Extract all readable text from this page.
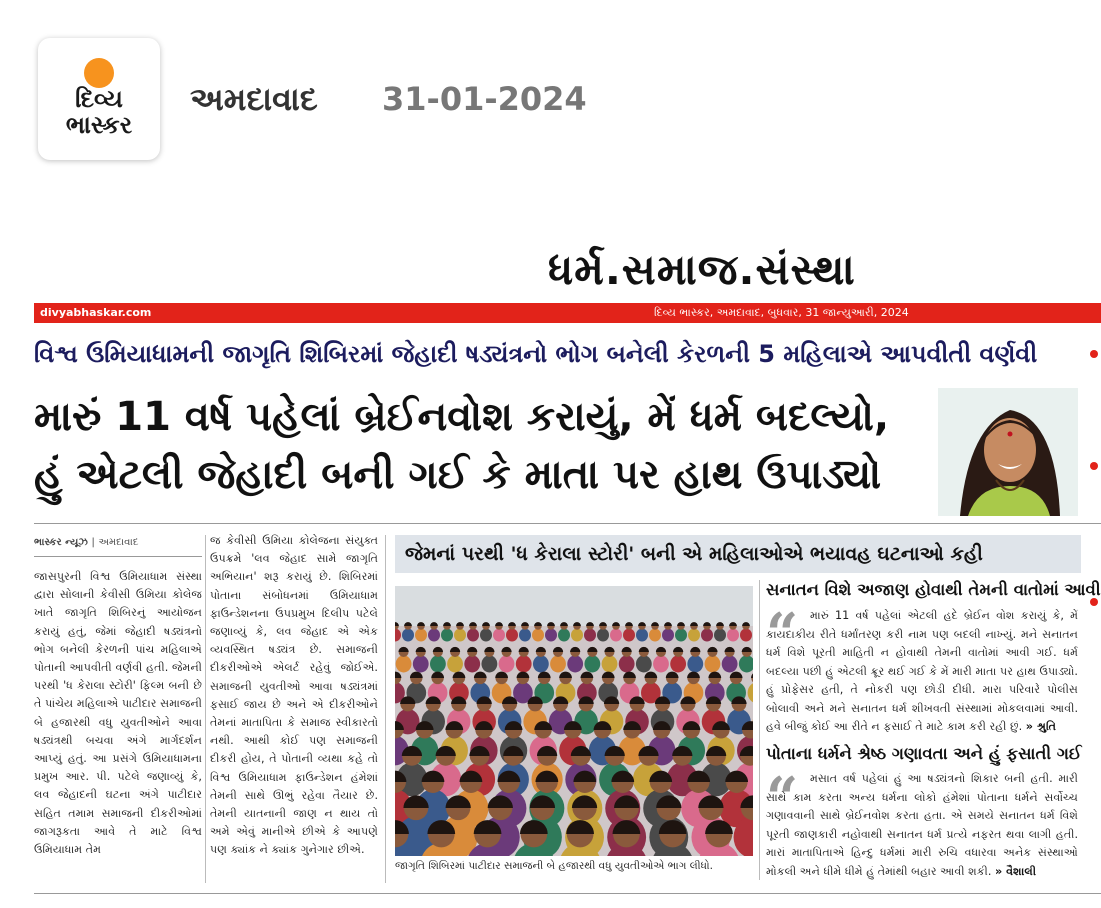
દિવ્ય
ભાસ્કર
અમદાવાદ 31-01-2024
ધર્મ.સમાજ.સંસ્થા
divyabhaskar.com	દિવ્ય ભાસ્કર, અમદાવાદ, બુધવાર, 31 જાન્યુઆરી, 2024
વિશ્વ ઉમિયાધામની જાગૃતિ શિબિરમાં જેહાદી ષડ્યંત્રનો ભોગ બનેલી કેરળની 5 મહિલાએ આપવીતી વર્ણવી
મારું 11 વર્ષ પહેલાં બ્રેઈનવોશ કરાયું, મેં ધર્મ બદલ્યો,
હું એટલી જેહાદી બની ગઈ કે માતા પર હાથ ઉપાડ્યો
ભાસ્કર ન્યૂઝ | અમદાવાદ

જાસપુરની વિશ્વ ઉમિયાધામ સંસ્થા દ્વારા સોલાની કેવીસી ઉમિયા કોલેજ ખાતે જાગૃતિ શિબિરનું આયોજન કરાયું હતું, જેમાં જેહાદી ષડ્યંત્રનો ભોગ બનેલી કેરળની પાંચ મહિલાએ પોતાની આપવીતી વર્ણવી હતી. જેમની પરથી 'ધ કેરાલા સ્ટોરી' ફિલ્મ બની છે તે પાંચેય મહિલાએ પાટીદાર સમાજની બે હજારથી વધુ યુવતીઓને આવા ષડ્યંત્રથી બચવા અંગે માર્ગદર્શન આપ્યું હતું. આ પ્રસંગે ઉમિયાધામના પ્રમુખ આર. પી. પટેલે જણાવ્યું કે, લવ જેહાદની ઘટના અંગે પાટીદાર સહિત તમામ સમાજની દીકરીઓમાં જાગરૂકતા આવે તે માટે વિશ્વ ઉમિયાધામ તેમ

જ કેવીસી ઉમિયા કોલેજના સંયુક્ત ઉપક્રમે 'લવ જેહાદ સામે જાગૃતિ અભિયાન' શરૂ કરાયું છે. શિબિરમાં પોતાના સંબોધનમાં ઉમિયાધામ ફાઉન્ડેશનના ઉપપ્રમુખ દિલીપ પટેલે જણાવ્યું કે, લવ જેહાદ એ એક વ્યવસ્થિત ષડ્યંત્ર છે. સમાજની દીકરીઓએ એલર્ટ રહેવું જોઈએ. સમાજની યુવતીઓ આવા ષડ્યંત્રમાં ફસાઈ જાય છે અને એ દીકરીઓને તેમનાં માતાપિતા કે સમાજ સ્વીકારતો નથી. આથી કોઈ પણ સમાજની દીકરી હોય, તે પોતાની વ્યથા કહે તો વિશ્વ ઉમિયાધામ ફાઉન્ડેશન હંમેશાં તેમની સાથે ઊભું રહેવા તૈયાર છે. તેમની યાતનાની જાણ ન થાય તો અમે એવું માનીએ છીએ કે આપણે પણ ક્યાંક ને ક્યાંક ગુનેગાર છીએ.

જેમનાં પરથી 'ધ કેરાલા સ્ટોરી' બની એ મહિલાઓએ ભયાવહ ઘટનાઓ કહી
જાગૃતિ શિબિરમાં પાટીદાર સમાજની બે હજારથી વધુ યુવતીઓએ ભાગ લીધો.
સનાતન વિશે અજાણ હોવાથી તેમની વાતોમાં આવી
“	મારું 11 વર્ષ પહેલાં એટલી હદે બ્રેઈન વોશ કરાયું કે, મેં કાયદાકીય રીતે ધર્માંતરણ કરી નામ પણ બદલી નાખ્યું. મને સનાતન ધર્મ વિશે પૂરતી માહિતી ન હોવાથી તેમની વાતોમાં આવી ગઈ. ધર્મ બદલ્યા પછી હું એટલી ક્રૂર થઈ ગઈ કે મેં મારી માતા પર હાથ ઉપાડ્યો. હું પ્રોફેસર હતી, તે નોકરી પણ છોડી દીધી. મારા પરિવારે પોલીસ બોલાવી અને મને સનાતન ધર્મ શીખવતી સંસ્થામાં મોકલવામાં આવી. હવે બીજું કોઈ આ રીતે ન ફસાઈ તે માટે કામ કરી રહી છું. » શ્રુતિ
પોતાના ધર્મને શ્રેષ્ઠ ગણાવતા અને હું ફસાતી ગઈ
“	મસાત વર્ષ પહેલાં હું આ ષડ્યંત્રનો શિકાર બની હતી. મારી સાથે કામ કરતા અન્ય ધર્મના લોકો હંમેશાં પોતાના ધર્મને સર્વોચ્ચ ગણાવવાની સાથે બ્રેઈનવોશ કરતા હતા. એ સમયે સનાતન ધર્મ વિશે પૂરતી જાણકારી નહોવાથી સનાતન ધર્મ પ્રત્યે નફરત થવા લાગી હતી. મારાં માતાપિતાએ હિન્દુ ધર્મમાં મારી રુચિ વધારવા અનેક સંસ્થાઓ મોકલી અને ધીમે ધીમે હું તેમાંથી બહાર આવી શકી. » વૈશાલી
